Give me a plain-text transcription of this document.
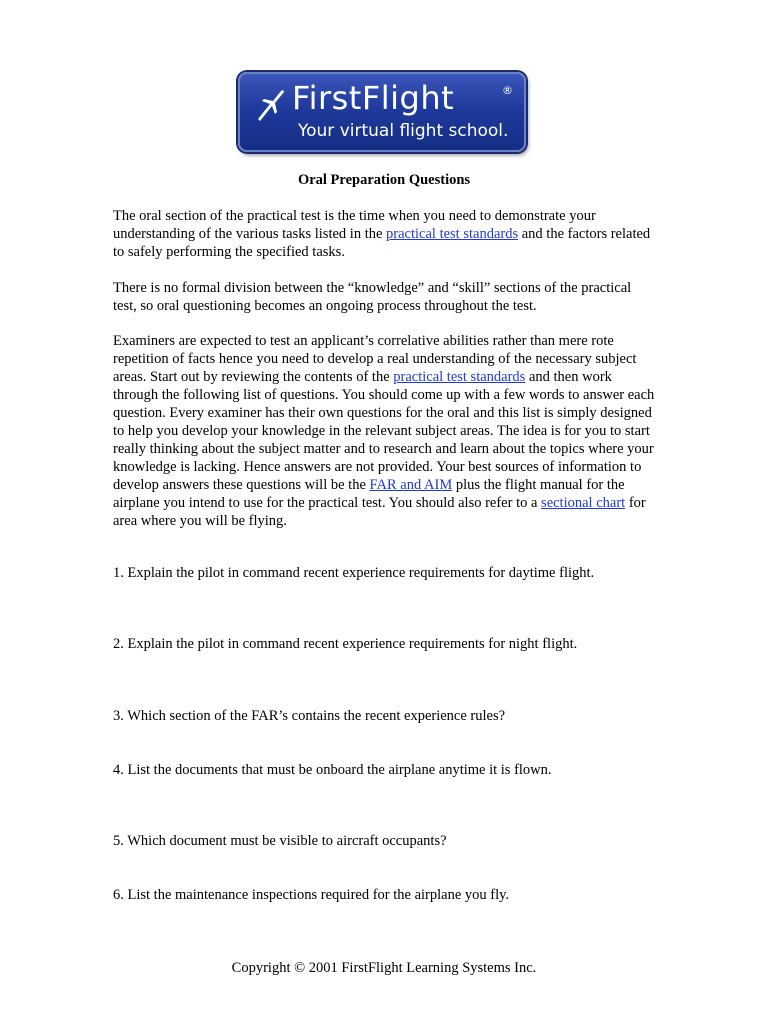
FirstFlight	®
Your virtual flight school.
Oral Preparation Questions

The oral section of the practical test is the time when you need to demonstrate your understanding of the various tasks listed in the practical test standards and the factors related to safely performing the specified tasks.

There is no formal division between the “knowledge” and “skill” sections of the practical test, so oral questioning becomes an ongoing process throughout the test.

Examiners are expected to test an applicant’s correlative abilities rather than mere rote repetition of facts hence you need to develop a real understanding of the necessary subject areas. Start out by reviewing the contents of the practical test standards and then work through the following list of questions. You should come up with a few words to answer each question. Every examiner has their own questions for the oral and this list is simply designed to help you develop your knowledge in the relevant subject areas. The idea is for you to start really thinking about the subject matter and to research and learn about the topics where your knowledge is lacking. Hence answers are not provided. Your best sources of information to develop answers these questions will be the FAR and AIM plus the flight manual for the airplane you intend to use for the practical test. You should also refer to a sectional chart for area where you will be flying.

1. Explain the pilot in command recent experience requirements for daytime flight.
2. Explain the pilot in command recent experience requirements for night flight.
3. Which section of the FAR’s contains the recent experience rules?
4. List the documents that must be onboard the airplane anytime it is flown.
5. Which document must be visible to aircraft occupants?
6. List the maintenance inspections required for the airplane you fly.
Copyright © 2001 FirstFlight Learning Systems Inc.
